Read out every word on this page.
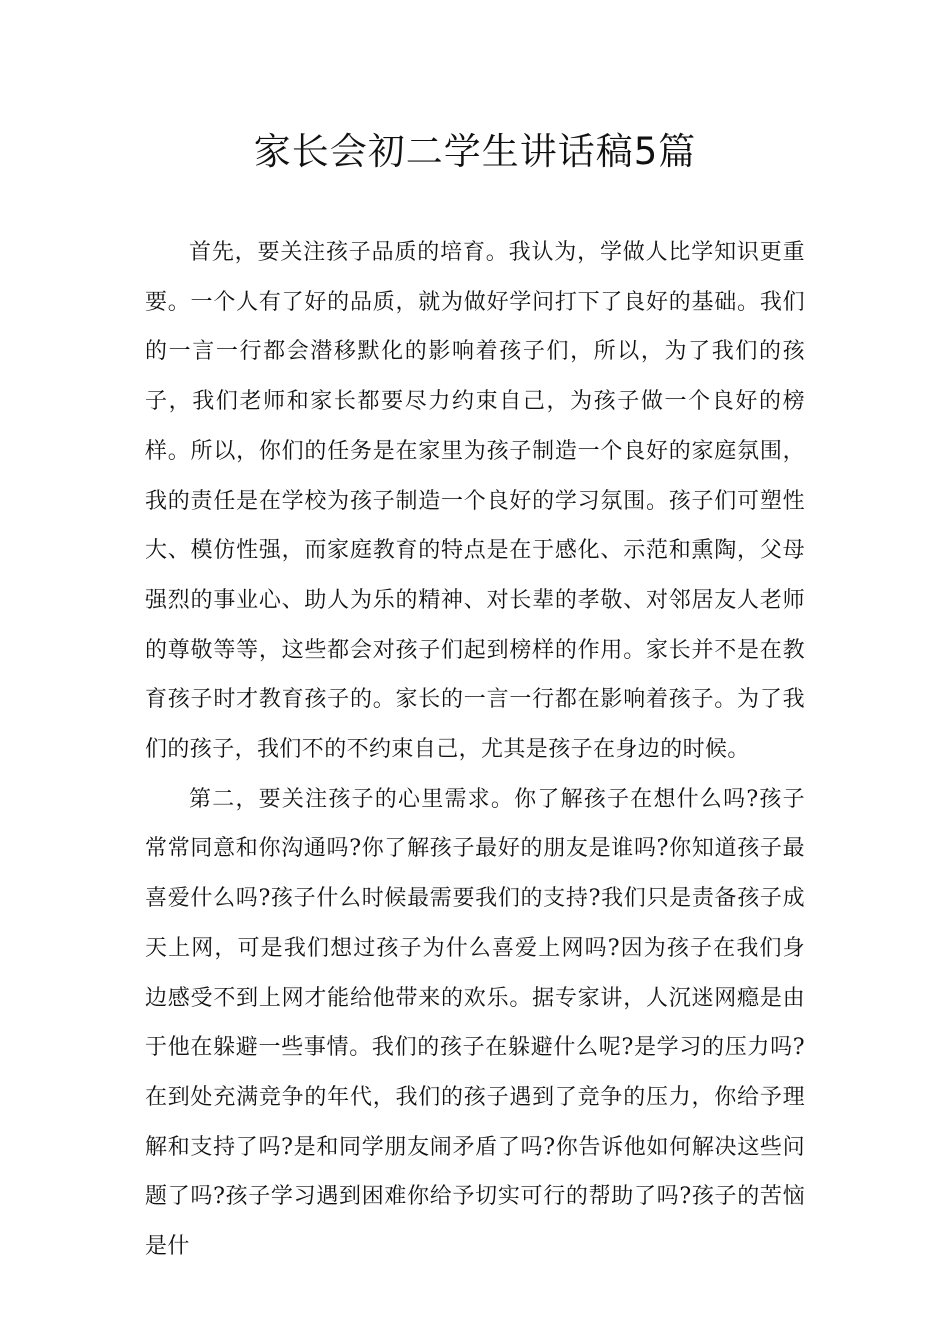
家长会初二学生讲话稿5篇

首先，要关注孩子品质的培育。我认为，学做人比学知识更重要。一个人有了好的品质，就为做好学问打下了良好的基础。我们的一言一行都会潜移默化的影响着孩子们，所以，为了我们的孩子，我们老师和家长都要尽力约束自己，为孩子做一个良好的榜样。所以，你们的任务是在家里为孩子制造一个良好的家庭氛围，我的责任是在学校为孩子制造一个良好的学习氛围。孩子们可塑性大、模仿性强，而家庭教育的特点是在于感化、示范和熏陶，父母强烈的事业心、助人为乐的精神、对长辈的孝敬、对邻居友人老师的尊敬等等，这些都会对孩子们起到榜样的作用。家长并不是在教育孩子时才教育孩子的。家长的一言一行都在影响着孩子。为了我们的孩子，我们不的不约束自己，尤其是孩子在身边的时候。

第二，要关注孩子的心里需求。你了解孩子在想什么吗?孩子常常同意和你沟通吗?你了解孩子最好的朋友是谁吗?你知道孩子最喜爱什么吗?孩子什么时候最需要我们的支持?我们只是责备孩子成天上网，可是我们想过孩子为什么喜爱上网吗?因为孩子在我们身边感受不到上网才能给他带来的欢乐。据专家讲，人沉迷网瘾是由于他在躲避一些事情。我们的孩子在躲避什么呢?是学习的压力吗?在到处充满竞争的年代，我们的孩子遇到了竞争的压力，你给予理解和支持了吗?是和同学朋友闹矛盾了吗?你告诉他如何解决这些问题了吗?孩子学习遇到困难你给予切实可行的帮助了吗?孩子的苦恼是什
